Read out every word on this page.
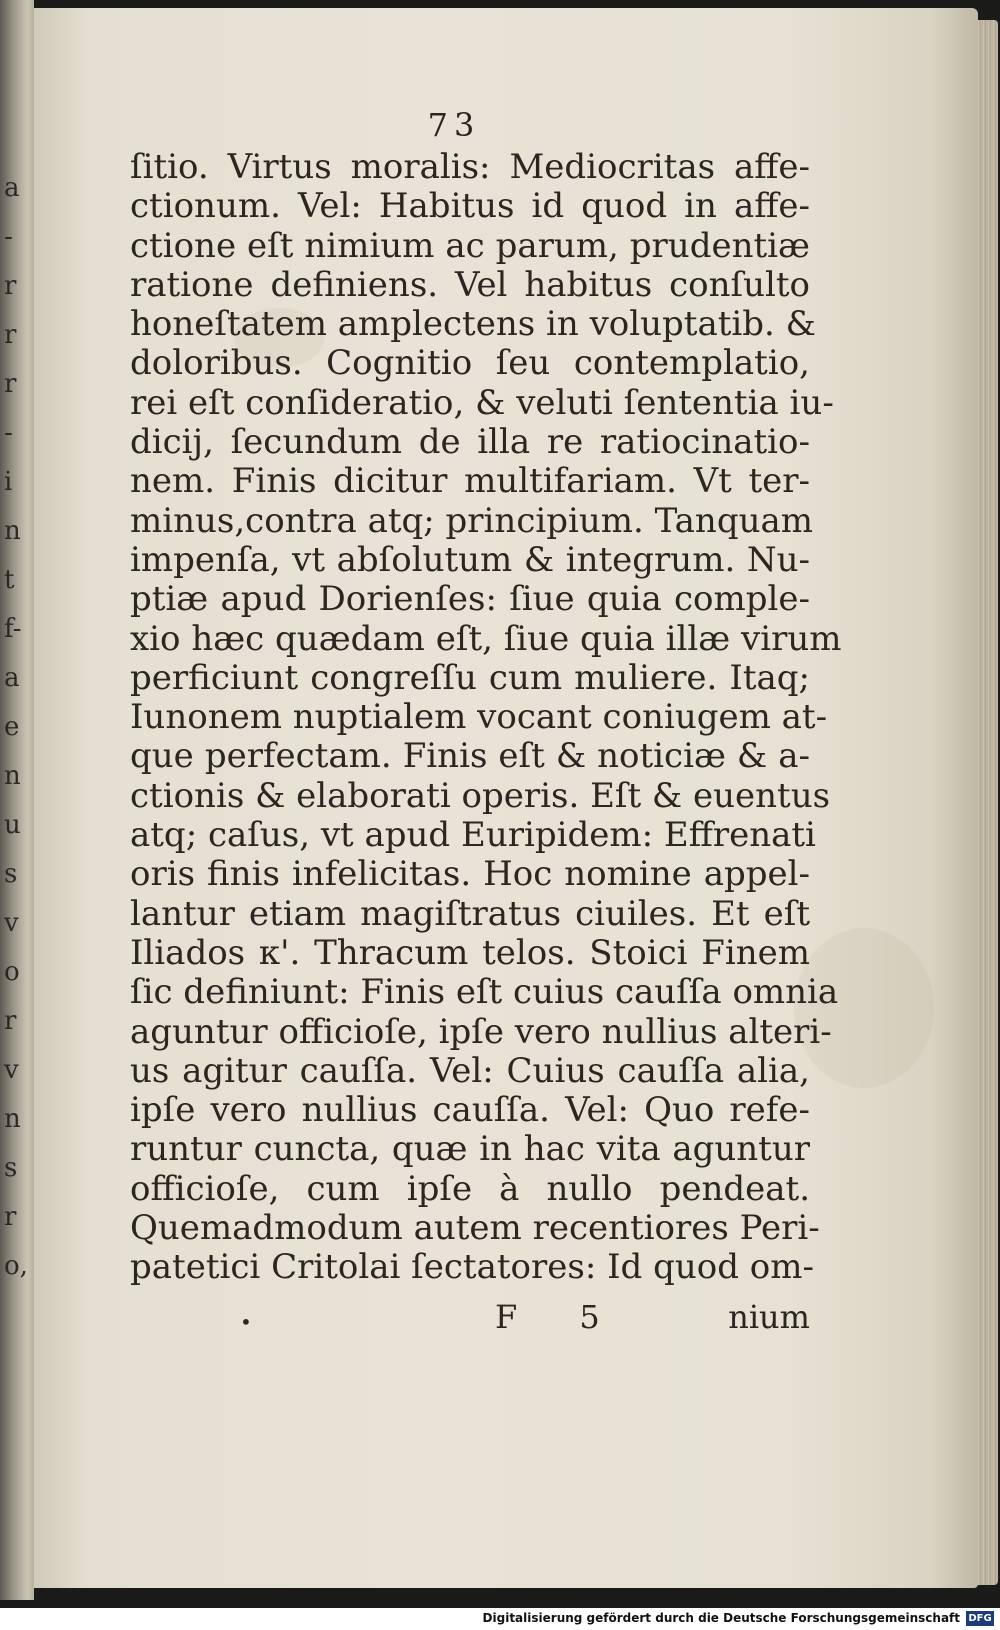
a
-
r
r
r
-
i
n
t
f-
a
e
n
u
s
v
o
r
v
n
s
r
o,
73
ſitio. Virtus moralis: Mediocritas affe-
ctionum. Vel: Habitus id quod in affe-
ctione eſt nimium ac parum, prudentiæ
ratione definiens. Vel habitus conſulto
honeſtatem amplectens in voluptatib. &
doloribus. Cognitio ſeu contemplatio,
rei eſt conſideratio, & veluti ſententia iu-
dicij, ſecundum de illa re ratiocinatio-
nem. Finis dicitur multifariam. Vt ter-
minus,contra atq; principium. Tanquam
impenſa, vt abſolutum & integrum. Nu-
ptiæ apud Dorienſes: ſiue quia comple-
xio hæc quædam eſt, ſiue quia illæ virum
perficiunt congreſſu cum muliere. Itaq;
Iunonem nuptialem vocant coniugem at-
que perfectam. Finis eſt & noticiæ & a-
ctionis & elaborati operis. Eſt & euentus
atq; caſus, vt apud Euripidem: Effrenati
oris finis infelicitas. Hoc nomine appel-
lantur etiam magiſtratus ciuiles. Et eſt
Iliados κ'. Thracum telos. Stoici Finem
ſic definiunt: Finis eſt cuius cauſſa omnia
aguntur officioſe, ipſe vero nullius alteri-
us agitur cauſſa. Vel: Cuius cauſſa alia,
ipſe vero nullius cauſſa. Vel: Quo refe-
runtur cuncta, quæ in hac vita aguntur
officioſe, cum ipſe à nullo pendeat.
Quemadmodum autem recentiores Peri-
patetici Critolai ſectatores: Id quod om-
•	F 5	nium
Digitalisierung gefördert durch die Deutsche Forschungsgemeinschaft DFG
